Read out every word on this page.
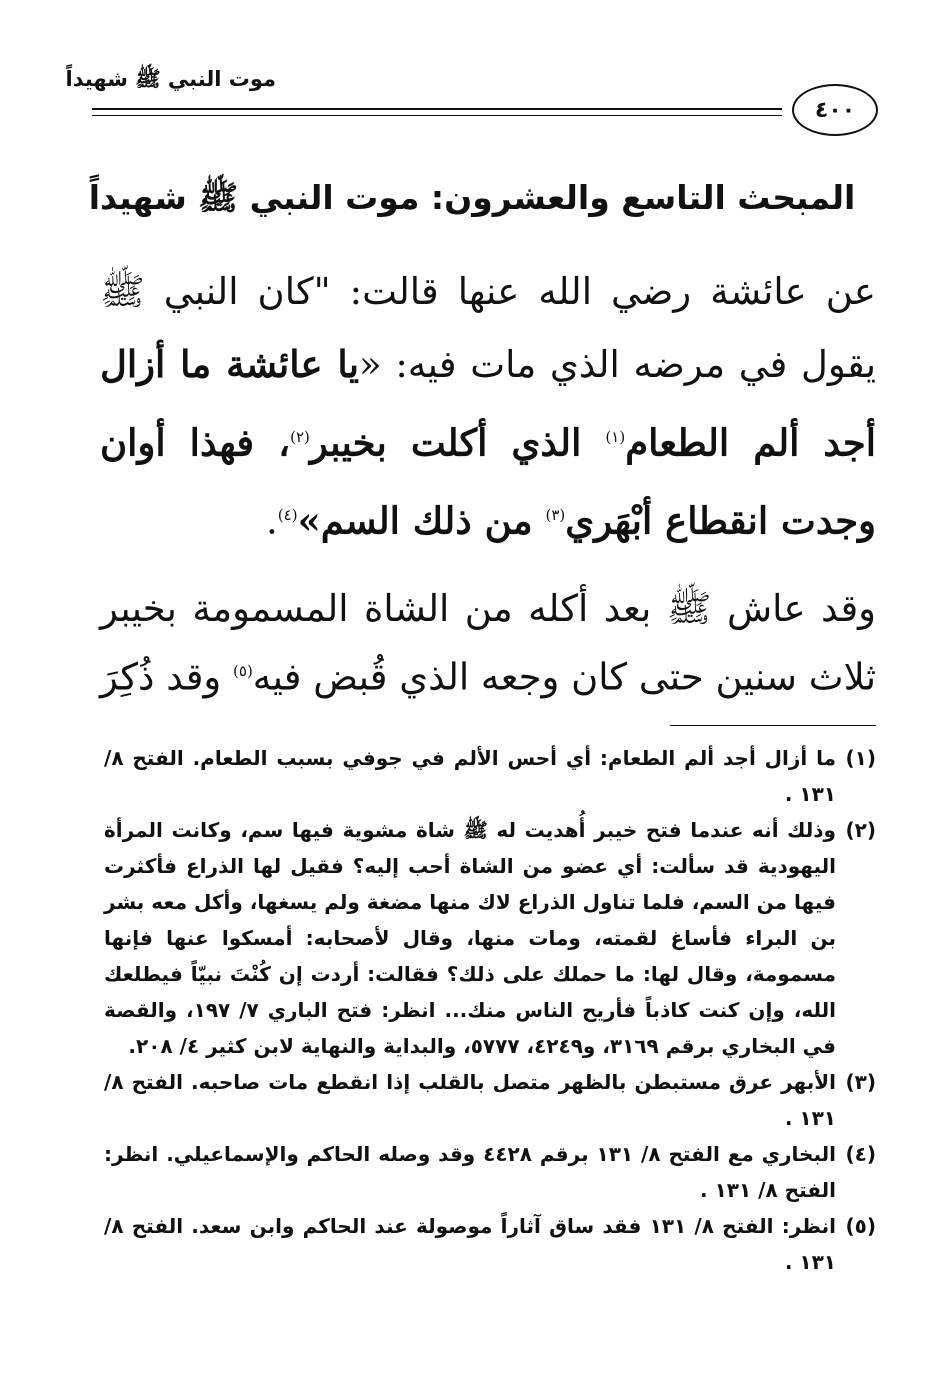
موت النبي ﷺ شهيداً
٤٠٠
المبحث التاسع والعشرون: موت النبي ﷺ شهيداً
عن عائشة رضي الله عنها قالت: "كان النبي ﷺ يقول في مرضه الذي مات فيه: «يا عائشة ما أزال أجد ألم الطعام$^{(١)}$ الذي أكلت بخيبر$^{(٢)}$، فهذا أوان وجدت انقطاع أبْهَري$^{(٣)}$ من ذلك السم»$^{(٤)}$.
وقد عاش ﷺ بعد أكله من الشاة المسمومة بخيبر ثلاث سنين حتى كان وجعه الذي قُبض فيه$^{(٥)}$ وقد ذُكِرَ
(١)
ما أزال أجد ألم الطعام: أي أحس الألم في جوفي بسبب الطعام. الفتح ٨/ ١٣١ .
(٢)
وذلك أنه عندما فتح خيبر أُهديت له ﷺ شاة مشوية فيها سم، وكانت المرأة اليهودية قد سألت: أي عضو من الشاة أحب إليه؟ فقيل لها الذراع فأكثرت فيها من السم، فلما تناول الذراع لاك منها مضغة ولم يسغها، وأكل معه بشر بن البراء فأساغ لقمته، ومات منها، وقال لأصحابه: أمسكوا عنها فإنها مسمومة، وقال لها: ما حملك على ذلك؟ فقالت: أردت إن كُنْتَ نبيّاً فيطلعك الله، وإن كنت كاذباً فأريح الناس منك... انظر: فتح الباري ٧/ ١٩٧، والقصة في البخاري برقم ٣١٦٩، و٤٢٤٩، ٥٧٧٧، والبداية والنهاية لابن كثير ٤/ ٢٠٨.
(٣)
الأبهر عرق مستبطن بالظهر متصل بالقلب إذا انقطع مات صاحبه. الفتح ٨/ ١٣١ .
(٤)
البخاري مع الفتح ٨/ ١٣١ برقم ٤٤٢٨ وقد وصله الحاكم والإسماعيلي. انظر: الفتح ٨/ ١٣١ .
(٥)
انظر: الفتح ٨/ ١٣١ فقد ساق آثاراً موصولة عند الحاكم وابن سعد. الفتح ٨/ ١٣١ .
